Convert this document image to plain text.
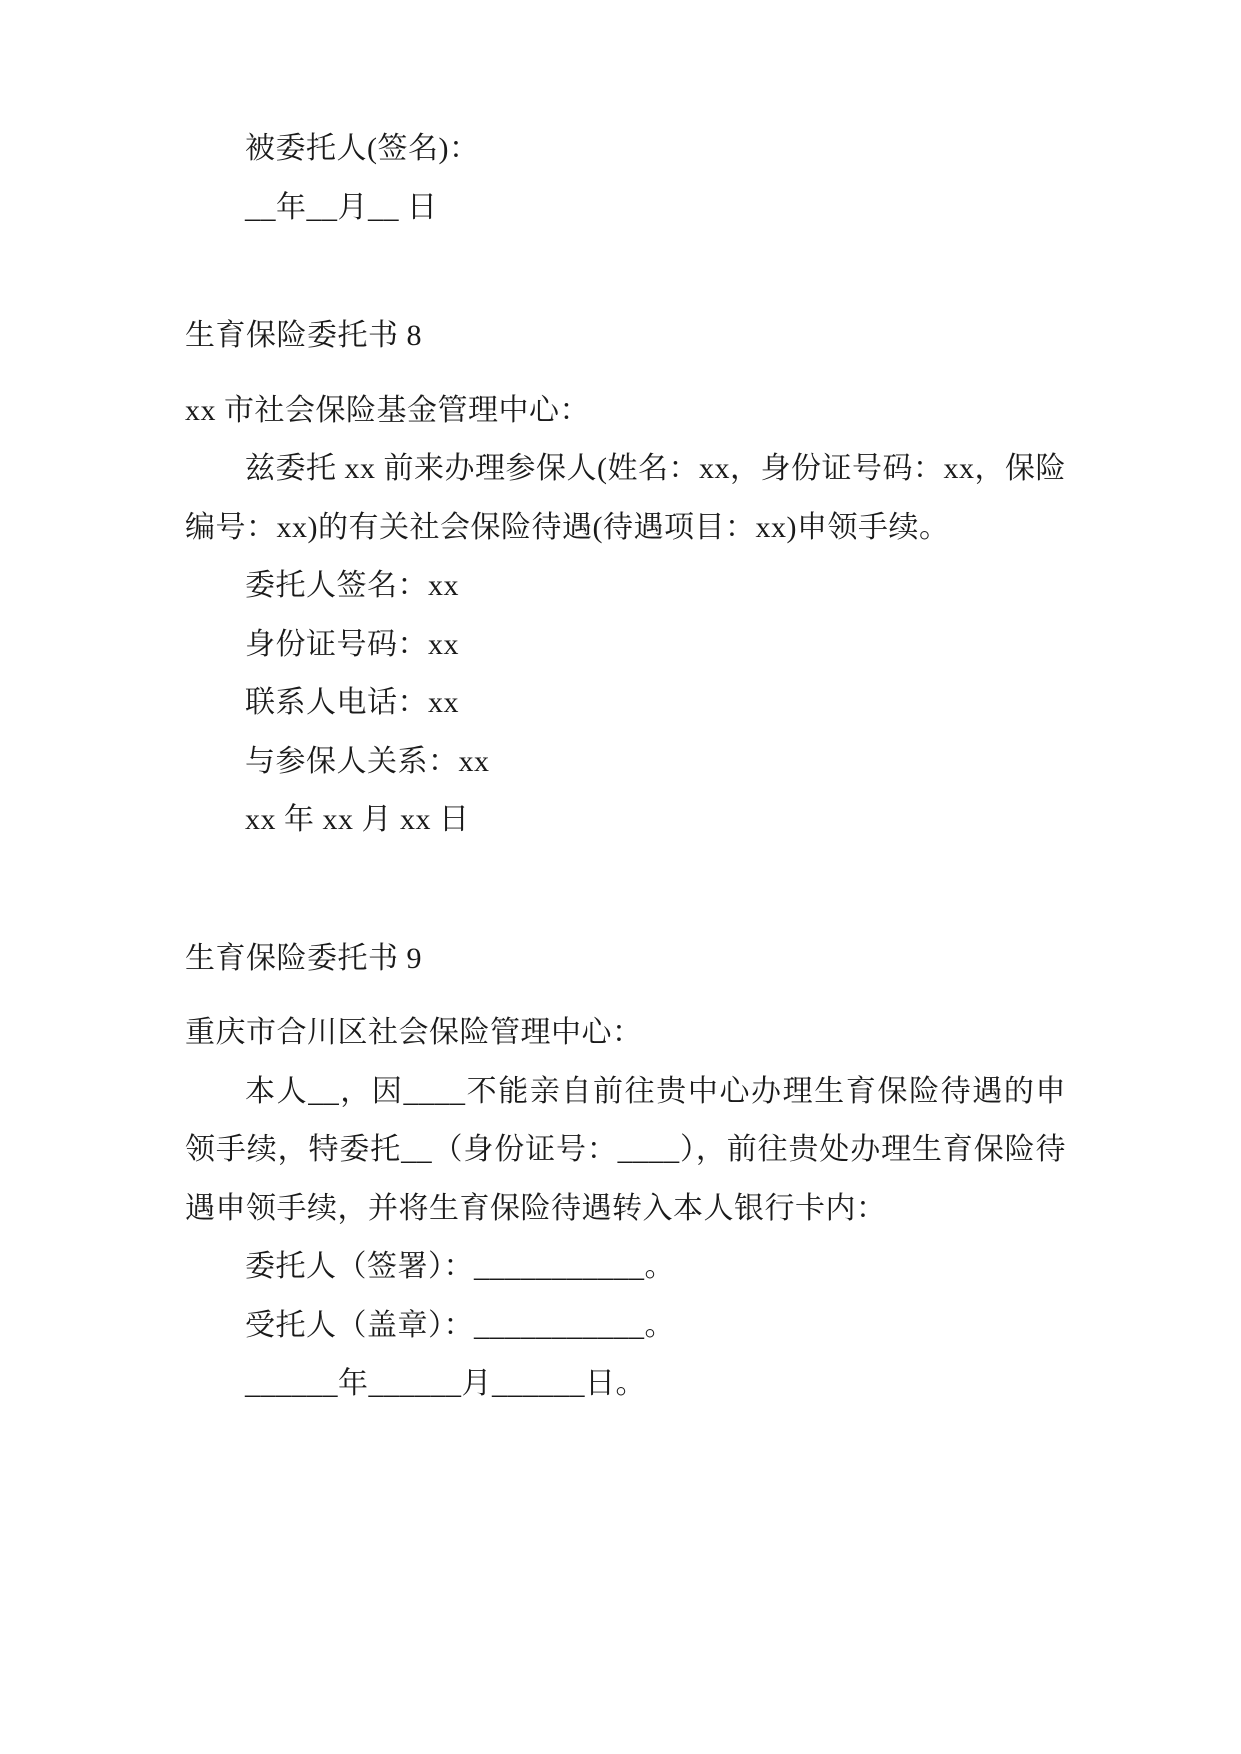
被委托人(签名)：

__年__月__ 日

生育保险委托书 8

xx 市社会保险基金管理中心：

兹委托 xx 前来办理参保人(姓名：xx，身份证号码：xx，保险编号：xx)的有关社会保险待遇(待遇项目：xx)申领手续。

委托人签名：xx

身份证号码：xx

联系人电话：xx

与参保人关系：xx

xx 年 xx 月 xx 日

生育保险委托书 9

重庆市合川区社会保险管理中心：

本人__，因____不能亲自前往贵中心办理生育保险待遇的申领手续，特委托__（身份证号：____），前往贵处办理生育保险待遇申领手续，并将生育保险待遇转入本人银行卡内：

委托人（签署）：___________。

受托人（盖章）：___________。

______年______月______日。
